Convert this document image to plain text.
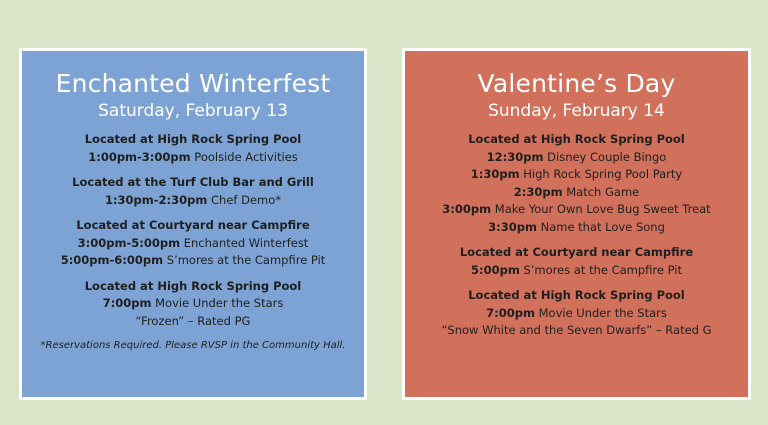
Enchanted Winterfest
Saturday, February 13
Located at High Rock Spring Pool
1:00pm-3:00pm Poolside Activities
Located at the Turf Club Bar and Grill
1:30pm-2:30pm Chef Demo*
Located at Courtyard near Campfire
3:00pm-5:00pm Enchanted Winterfest
5:00pm-6:00pm S’mores at the Campfire Pit
Located at High Rock Spring Pool
7:00pm Movie Under the Stars
“Frozen” – Rated PG
*Reservations Required. Please RVSP in the Community Hall.
Valentine’s Day
Sunday, February 14
Located at High Rock Spring Pool
12:30pm Disney Couple Bingo
1:30pm High Rock Spring Pool Party
2:30pm Match Game
3:00pm Make Your Own Love Bug Sweet Treat
3:30pm Name that Love Song
Located at Courtyard near Campfire
5:00pm S’mores at the Campfire Pit
Located at High Rock Spring Pool
7:00pm Movie Under the Stars
“Snow White and the Seven Dwarfs” – Rated G
